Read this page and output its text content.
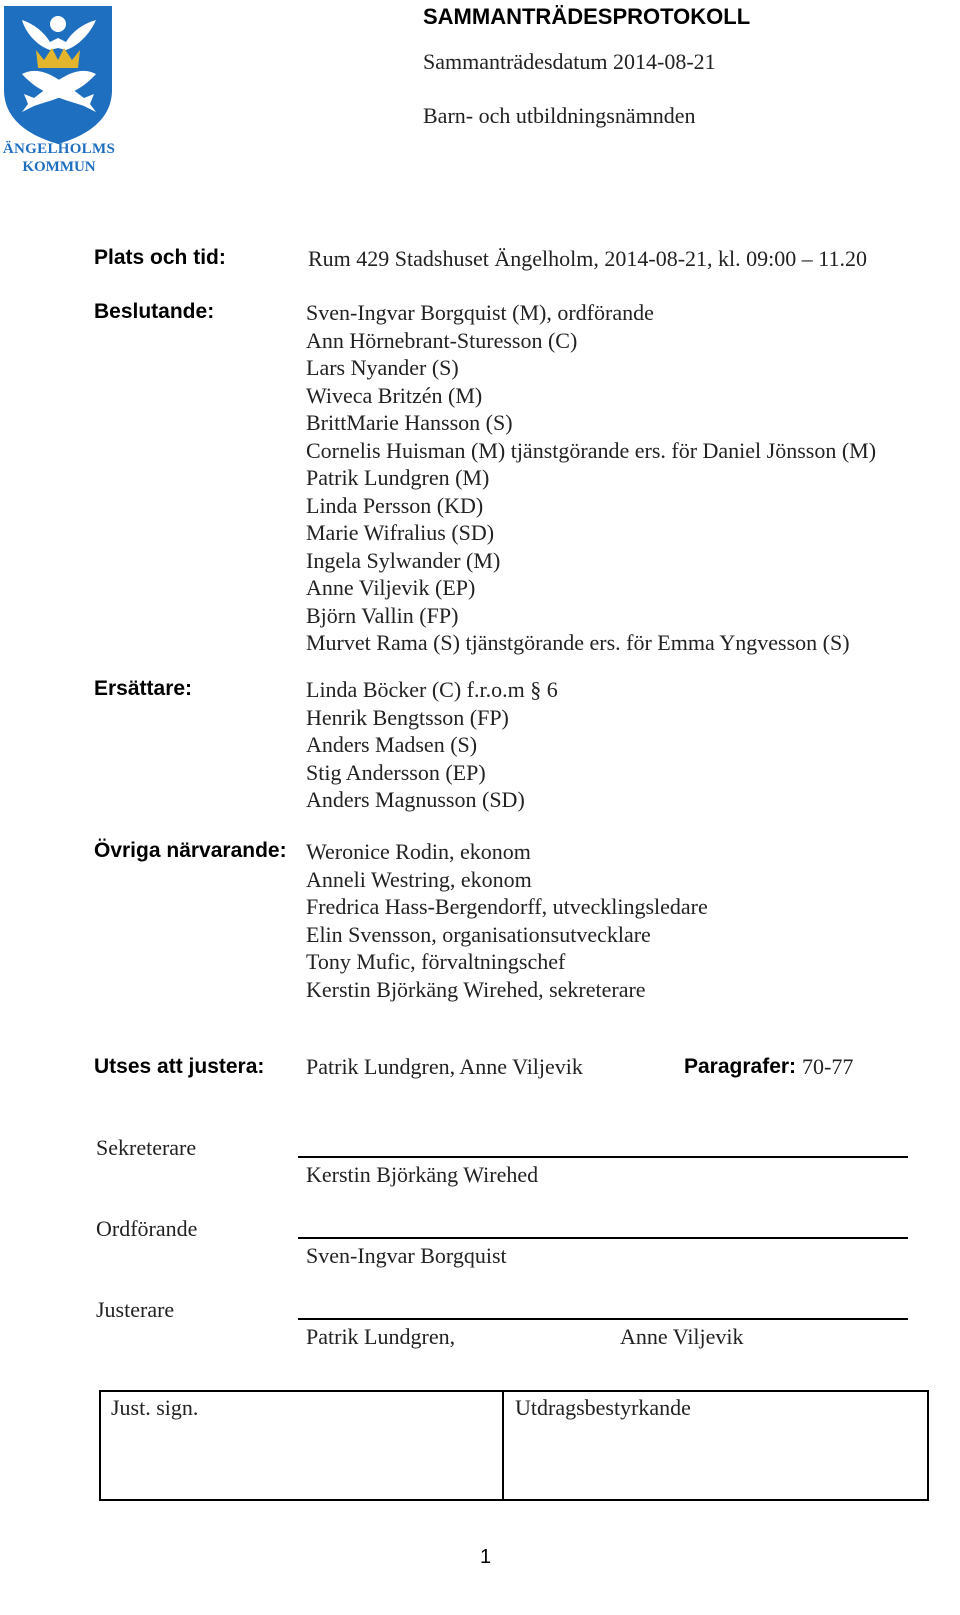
ÄNGELHOLMS
KOMMUN
SAMMANTRÄDESPROTOKOLL
Sammanträdesdatum 2014-08-21
Barn- och utbildningsnämnden
Plats och tid:	Rum 429 Stadshuset Ängelholm, 2014-08-21, kl. 09:00 – 11.20
Beslutande:	Sven-Ingvar Borgquist (M), ordförande
Ann Hörnebrant-Sturesson (C)
Lars Nyander (S)
Wiveca Britzén (M)
BrittMarie Hansson (S)
Cornelis Huisman (M) tjänstgörande ers. för Daniel Jönsson (M)
Patrik Lundgren (M)
Linda Persson (KD)
Marie Wifralius (SD)
Ingela Sylwander (M)
Anne Viljevik (EP)
Björn Vallin (FP)
Murvet Rama (S) tjänstgörande ers. för Emma Yngvesson (S)
Ersättare:	Linda Böcker (C) f.r.o.m § 6
Henrik Bengtsson (FP)
Anders Madsen (S)
Stig Andersson (EP)
Anders Magnusson (SD)
Övriga närvarande: Weronice Rodin, ekonom
Anneli Westring, ekonom
Fredrica Hass-Bergendorff, utvecklingsledare
Elin Svensson, organisationsutvecklare
Tony Mufic, förvaltningschef
Kerstin Björkäng Wirehed, sekreterare
Utses att justera: Patrik Lundgren, Anne Viljevik	Paragrafer: 70-77
Sekreterare
Kerstin Björkäng Wirehed
Ordförande
Sven-Ingvar Borgquist
Justerare
Patrik Lundgren,	Anne Viljevik
Just. sign.	Utdragsbestyrkande
1
